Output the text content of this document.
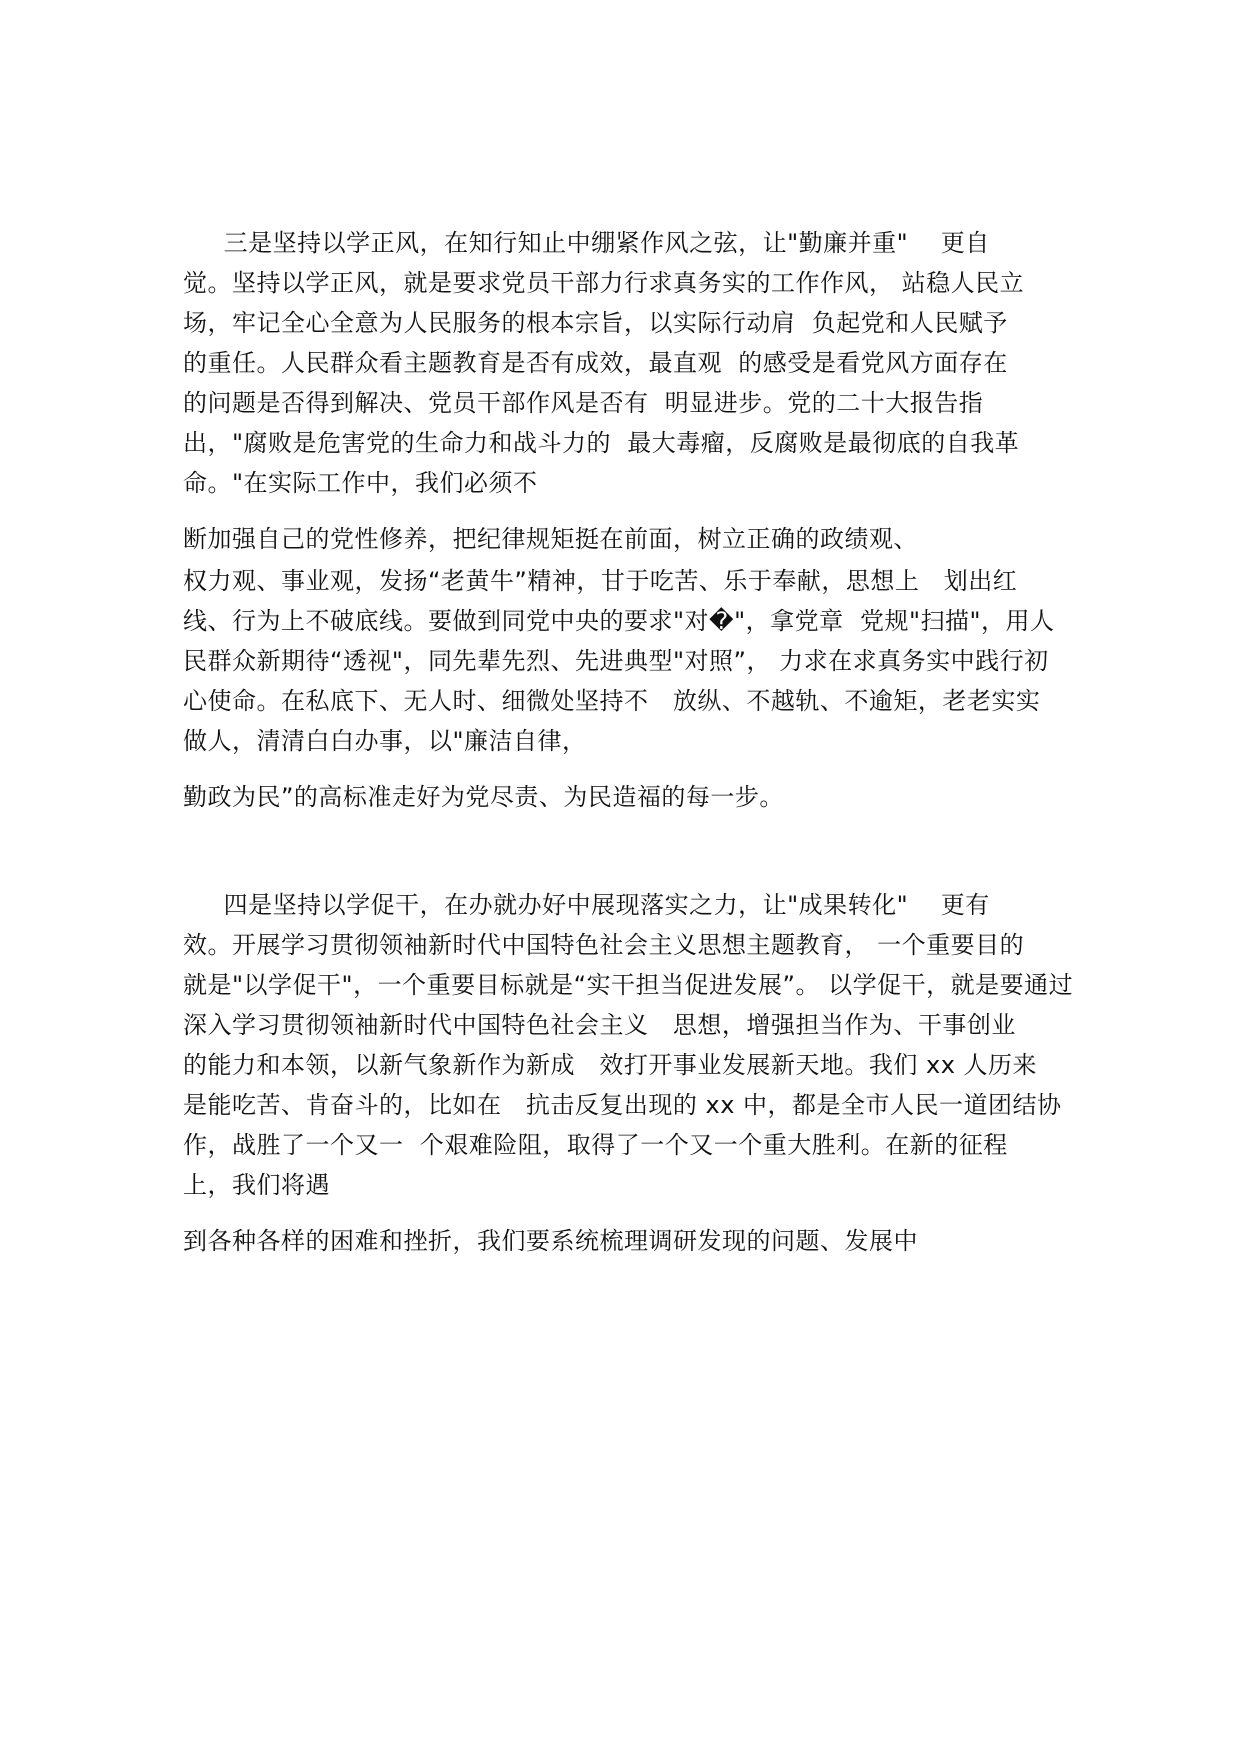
三是坚持以学正风，在知行知止中绷紧作风之弦，让"勤廉并重"    更自

觉。坚持以学正风，就是要求党员干部力行求真务实的工作作风， 站稳人民立

场，牢记全心全意为人民服务的根本宗旨，以实际行动肩  负起党和人民赋予

的重任。人民群众看主题教育是否有成效，最直观  的感受是看党风方面存在

的问题是否得到解决、党员干部作风是否有  明显进步。党的二十大报告指

出，"腐败是危害党的生命力和战斗力的  最大毒瘤，反腐败是最彻底的自我革

命。"在实际工作中，我们必须不

断加强自己的党性修养，把纪律规矩挺在前面，树立正确的政绩观、

权力观、事业观，发扬“老黄牛”精神，甘于吃苦、乐于奉献，思想上   划出红

线、行为上不破底线。要做到同党中央的要求"对�"，拿党章  党规"扫描"，用人

民群众新期待“透视"，同先辈先烈、先进典型"对照”， 力求在求真务实中践行初

心使命。在私底下、无人时、细微处坚持不   放纵、不越轨、不逾矩，老老实实

做人，清清白白办事，以"廉洁自律，

勤政为民”的高标准走好为党尽责、为民造福的每一步。

四是坚持以学促干，在办就办好中展现落实之力，让"成果转化"    更有

效。开展学习贯彻领袖新时代中国特色社会主义思想主题教育， 一个重要目的

就是"以学促干"，一个重要目标就是“实干担当促进发展”。 以学促干，就是要通过

深入学习贯彻领袖新时代中国特色社会主义   思想，增强担当作为、干事创业

的能力和本领，以新气象新作为新成   效打开事业发展新天地。我们 xx 人历来

是能吃苦、肯奋斗的，比如在   抗击反复出现的 xx 中，都是全市人民一道团结协

作，战胜了一个又一  个艰难险阻，取得了一个又一个重大胜利。在新的征程

上，我们将遇

到各种各样的困难和挫折，我们要系统梳理调研发现的问题、发展中
